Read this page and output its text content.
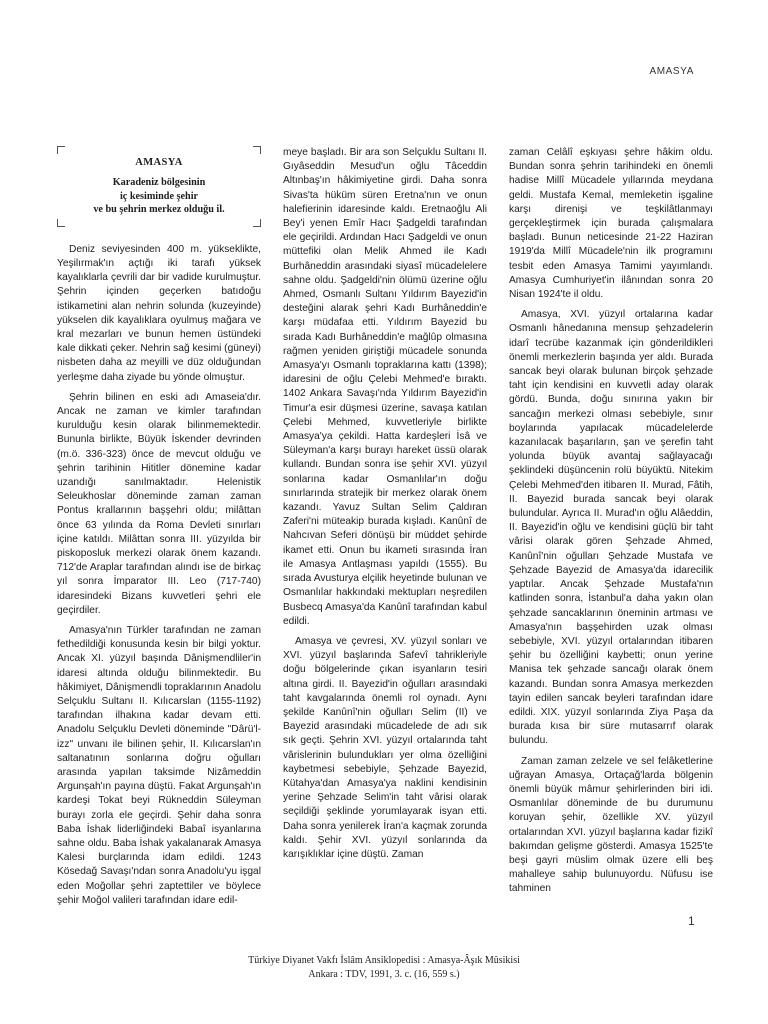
AMASYA
AMASYA
Karadeniz bölgesinin
iç kesiminde şehir
ve bu şehrin merkez olduğu il.

Deniz seviyesinden 400 m. yüksekliktе, Yeşilırmak'ın açtığı iki tarafı yüksek kayalıklarla çevrili dar bir vadide kurulmuştur. Şehrin içinden geçerken batıdoğu istikametini alan nehrin solunda (kuzeyinde) yükselen dik kayalıklara oyulmuş mağara ve kral mezarları ve bunun hemen üstündeki kale dikkati çeker. Nehrin sağ kesimi (güneyi) nisbeten daha az meyilli ve düz olduğundan yerleşme daha ziyade bu yönde olmuştur.

Şehrin bilinen en eski adı Amaseia'dır. Ancak ne zaman ve kimler tarafından kurulduğu kesin olarak bilinmemektedir. Bununla birlikte, Büyük İskender devrinden (m.ö. 336-323) önce de mevcut olduğu ve şehrin tarihinin Hititler dönemine kadar uzandığı sanılmaktadır. Helenistik Seleukhoslar döneminde zaman zaman Pontus krallarının başşehri oldu; milâttan önce 63 yılında da Roma Devleti sınırları içine katıldı. Milâttan sonra III. yüzyılda bir piskoposluk merkezi olarak önem kazandı. 712'de Araplar tarafından alındı ise de birkaç yıl sonra İmparator III. Leo (717-740) idaresindeki Bizans kuvvetleri şehri ele geçirdiler.

Amasya'nın Türkler tarafından ne zaman fethedildiği konusunda kesin bir bilgi yoktur. Ancak XI. yüzyıl başında Dânişmendliler'in idaresi altında olduğu bilinmektedir. Bu hâkimiyet, Dânişmendli topraklarının Anadolu Selçuklu Sultanı II. Kılıcarslan (1155-1192) tarafından ilhakına kadar devam etti. Anadolu Selçuklu Devleti döneminde "Dârü'l-izz" unvanı ile bilinen şehir, II. Kılıcarslan'ın saltanatının sonlarına doğru oğulları arasında yapılan taksimde Nizâmeddin Argunşah'ın payına düştü. Fakat Argunşah'ın kardeşi Tokat beyi Rükneddin Süleyman burayı zorla ele geçirdi. Şehir daha sonra Baba İshak liderliğindeki Babaî isyanlarına sahne oldu. Baba İshak yakalanarak Amasya Kalesi burçlarında idam edildi. 1243 Kösedağ Savaşı'ndan sonra Anadolu'yu işgal eden Moğollar şehri zaptettiler ve böylece şehir Moğol valileri tarafından idare edil-

meye başladı. Bir ara son Selçuklu Sultanı II. Gıyâseddin Mesud'un oğlu Tâceddin Altınbaş'ın hâkimiyetine girdi. Daha sonra Sivas'ta hüküm süren Eretna'nın ve onun halefierinin idaresinde kaldı. Eretnaoğlu Ali Bey'i yenen Emîr Hacı Şadgeldi tarafından ele geçirildi. Ardından Hacı Şadgeldi ve onun müttefiki olan Melik Ahmed ile Kadı Burhâneddin arasındaki siyasî mücadelelere sahne oldu. Şadgeldi'nin ölümü üzerine oğlu Ahmed, Osmanlı Sultanı Yıldırım Bayezid'in desteğini alarak şehri Kadı Burhâneddin'e karşı müdafaa etti. Yıldırım Bayezid bu sırada Kadı Burhâneddin'e mağlûp olmasına rağmen yeniden giriştiği mücadele sonunda Amasya'yı Osmanlı topraklarına kattı (1398); idaresini de oğlu Çelebi Mehmed'e bıraktı. 1402 Ankara Savaşı'nda Yıldırım Bayezid'in Timur'a esir düşmesi üzerine, savaşa katılan Çelebi Mehmed, kuvvetleriyle birlikte Amasya'ya çekildi. Hatta kardeşleri İsâ ve Süleyman'a karşı burayı hareket üssü olarak kullandı. Bundan sonra ise şehir XVI. yüzyıl sonlarına kadar Osmanlılar'ın doğu sınırlarında stratejik bir merkez olarak önem kazandı. Yavuz Sultan Selim Çaldıran Zaferi'ni müteakip burada kışladı. Kanûnî de Nahcıvan Seferi dönüşü bir müddet şehirde ikamet etti. Onun bu ikameti sırasında İran ile Amasya Antlaşması yapıldı (1555). Bu sırada Avusturya elçilik heyetinde bulunan ve Osmanlılar hakkındaki mektupları neşredilen Busbecq Amasya'da Kanûnî tarafından kabul edildi.

Amasya ve çevresi, XV. yüzyıl sonları ve XVI. yüzyıl başlarında Safevî tahrikleriyle doğu bölgelerinde çıkan isyanların tesiri altına girdi. II. Bayezid'in oğulları arasındaki taht kavgalarında önemli rol oynadı. Aynı şekilde Kanûnî'nin oğulları Selim (II) ve Bayezid arasındaki mücadelede de adı sık sık geçti. Şehrin XVI. yüzyıl ortalarında taht vârislerinin bulundukları yer olma özelliğini kaybetmesi sebebiyle, Şehzade Bayezid, Kütahya'dan Amasya'ya naklini kendisinin yerine Şehzade Selim'in taht vârisi olarak seçildiği şeklinde yorumlayarak isyan etti. Daha sonra yenilerek İran'a kaçmak zorunda kaldı. Şehir XVI. yüzyıl sonlarında da karışıklıklar içine düştü. Zaman

zaman Celâlî eşkıyası şehre hâkim oldu. Bundan sonra şehrin tarihindeki en önemli hadise Millî Mücadele yıllarında meydana geldi. Mustafa Kemal, memleketin işgaline karşı direnişi ve teşkilâtlanmayı gerçekleştirmek için burada çalışmalara başladı. Bunun neticesinde 21-22 Haziran 1919'da Millî Mücadele'nin ilk programını tesbit eden Amasya Tamimi yayımlandı. Amasya Cumhuriyet'in ilânından sonra 20 Nisan 1924'te il oldu.

Amasya, XVI. yüzyıl ortalarına kadar Osmanlı hânedanına mensup şehzadelerin idarî tecrübe kazanmak için gönderildikleri önemli merkezlerin başında yer aldı. Burada sancak beyi olarak bulunan birçok şehzade taht için kendisini en kuvvetli aday olarak gördü. Bunda, doğu sınırına yakın bir sancağın merkezi olması sebebiyle, sınır boylarında yapılacak mücadelelerde kazanılacak başarıların, şan ve şerefin taht yolunda büyük avantaj sağlayacağı şeklindeki düşüncenin rolü büyüktü. Nitekim Çelebi Mehmed'den itibaren II. Murad, Fâtih, II. Bayezid burada sancak beyi olarak bulundular. Ayrıca II. Murad'ın oğlu Alâeddin, II. Bayezid'in oğlu ve kendisini güçlü bir taht vârisi olarak gören Şehzade Ahmed, Kanûnî'nin oğulları Şehzade Mustafa ve Şehzade Bayezid de Amasya'da idarecilik yaptılar. Ancak Şehzade Mustafa'nın katlinden sonra, İstanbul'a daha yakın olan şehzade sancaklarının öneminin artması ve Amasya'nın başşehirden uzak olması sebebiyle, XVI. yüzyıl ortalarından itibaren şehir bu özelliğini kaybetti; onun yerine Manisa tek şehzade sancağı olarak önem kazandı. Bundan sonra Amasya merkezden tayin edilen sancak beyleri tarafından idare edildi. XIX. yüzyıl sonlarında Ziya Paşa da burada kısa bir süre mutasarrıf olarak bulundu.

Zaman zaman zelzele ve sel felâketlerine uğrayan Amasya, Ortaçağ'larda bölgenin önemli büyük mâmur şehirlerinden biri idi. Osmanlılar döneminde de bu durumunu koruyan şehir, özellikle XV. yüzyıl ortalarından XVI. yüzyıl başlarına kadar fizikî bakımdan gelişme gösterdi. Amasya 1525'te beşi gayri müslim olmak üzere elli beş mahalleye sahip bulunuyordu. Nüfusu ise tahminen

1
Türkiye Diyanet Vakfı İslâm Ansiklopedisi : Amasya-Âşık Mûsikisi
Ankara : TDV, 1991, 3. c. (16, 559 s.)
